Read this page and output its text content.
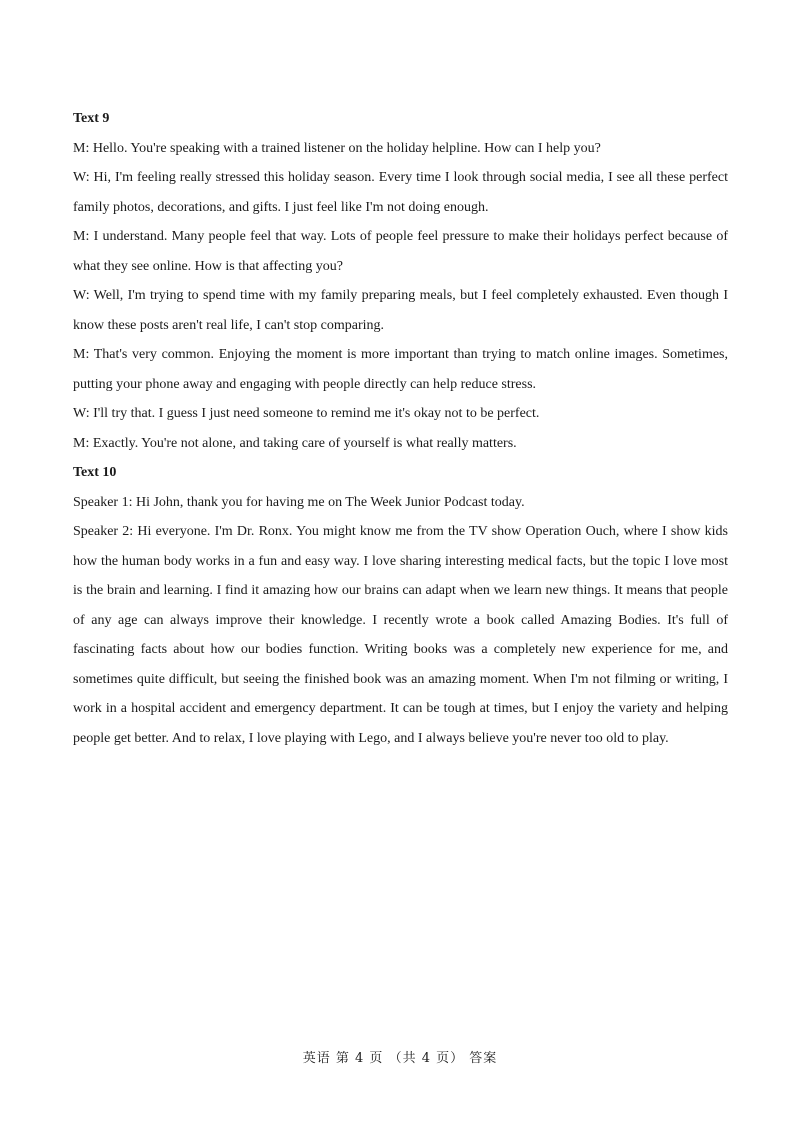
Text 9

M: Hello. You're speaking with a trained listener on the holiday helpline. How can I help you?

W: Hi, I'm feeling really stressed this holiday season. Every time I look through social media, I see all these perfect family photos, decorations, and gifts. I just feel like I'm not doing enough.

M: I understand. Many people feel that way. Lots of people feel pressure to make their holidays perfect because of what they see online. How is that affecting you?

W: Well, I'm trying to spend time with my family preparing meals, but I feel completely exhausted. Even though I know these posts aren't real life, I can't stop comparing.

M: That's very common. Enjoying the moment is more important than trying to match online images. Sometimes, putting your phone away and engaging with people directly can help reduce stress.

W: I'll try that. I guess I just need someone to remind me it's okay not to be perfect.

M: Exactly. You're not alone, and taking care of yourself is what really matters.

Text 10

Speaker 1: Hi John, thank you for having me on The Week Junior Podcast today.

Speaker 2: Hi everyone. I'm Dr. Ronx. You might know me from the TV show Operation Ouch, where I show kids how the human body works in a fun and easy way. I love sharing interesting medical facts, but the topic I love most is the brain and learning. I find it amazing how our brains can adapt when we learn new things. It means that people of any age can always improve their knowledge. I recently wrote a book called Amazing Bodies. It's full of fascinating facts about how our bodies function. Writing books was a completely new experience for me, and sometimes quite difficult, but seeing the finished book was an amazing moment. When I'm not filming or writing, I work in a hospital accident and emergency department. It can be tough at times, but I enjoy the variety and helping people get better. And to relax, I love playing with Lego, and I always believe you're never too old to play.

英语 第 4 页 （共 4 页） 答案
